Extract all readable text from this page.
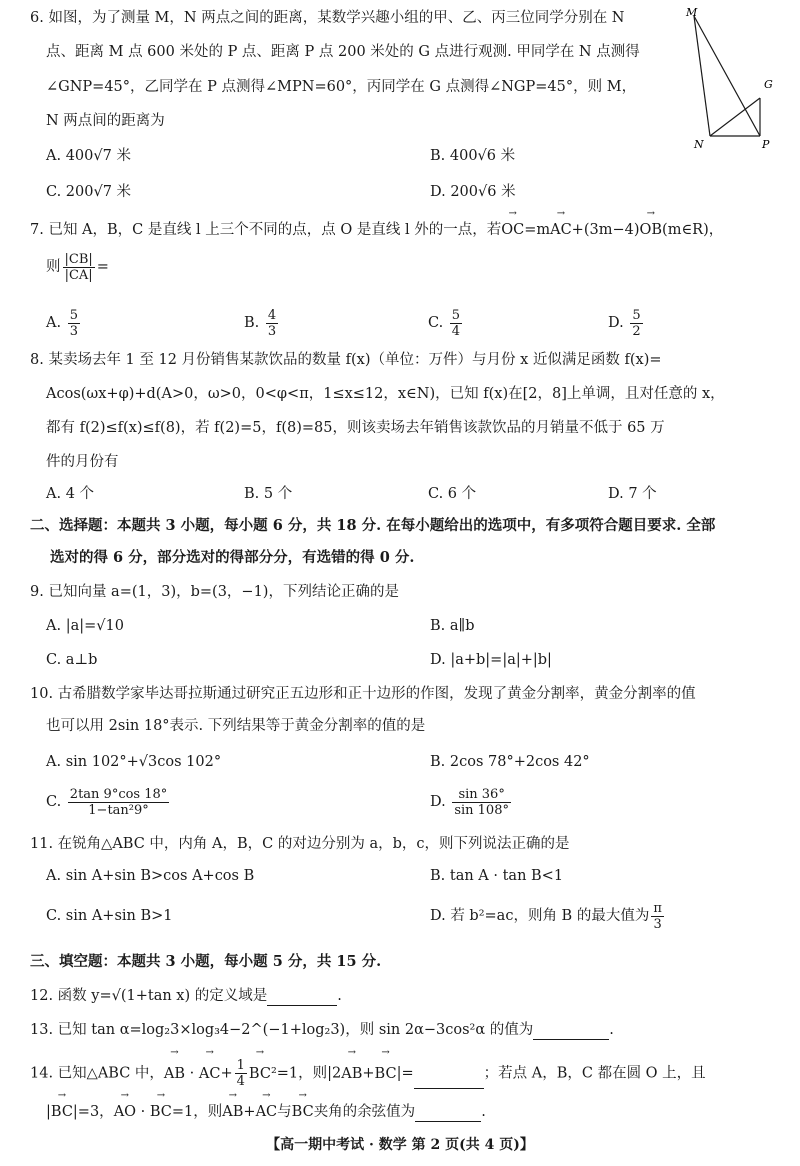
6. 如图，为了测量 M，N 两点之间的距离，某数学兴趣小组的甲、乙、丙三位同学分别在 N
点、距离 M 点 600 米处的 P 点、距离 P 点 200 米处的 G 点进行观测. 甲同学在 N 点测得
∠GNP=45°，乙同学在 P 点测得∠MPN=60°，丙同学在 G 点测得∠NGP=45°，则 M，
N 两点间的距离为
A. 400√7 米	B. 400√6 米
C. 200√7 米	D. 200√6 米
M
G
N	P
7. 已知 A，B，C 是直线 l 上三个不同的点，点 O 是直线 l 外的一点，若→ OC=m→ AC+(3m−4)→ OB(m∈R)，
则 $\frac{|CB|}{|CA|}$ =
A. $\frac{5}{3}$	B. $\frac{4}{3}$	C. $\frac{5}{4}$	D. $\frac{5}{2}$
8. 某卖场去年 1 至 12 月份销售某款饮品的数量 f(x)（单位：万件）与月份 x 近似满足函数 f(x)=
Acos(ωx+φ)+d(A>0，ω>0，0<φ<π，1≤x≤12，x∈N)，已知 f(x)在[2，8]上单调，且对任意的 x，
都有 f(2)≤f(x)≤f(8)，若 f(2)=5，f(8)=85，则该卖场去年销售该款饮品的月销量不低于 65 万
件的月份有
A. 4 个	B. 5 个	C. 6 个	D. 7 个
二、选择题：本题共 3 小题，每小题 6 分，共 18 分. 在每小题给出的选项中，有多项符合题目要求. 全部
选对的得 6 分，部分选对的得部分分，有选错的得 0 分.
9. 已知向量 a=(1，3)，b=(3，−1)，下列结论正确的是
A. |a|=√10	B. a∥b
C. a⊥b	D. |a+b|=|a|+|b|
10. 古希腊数学家毕达哥拉斯通过研究正五边形和正十边形的作图，发现了黄金分割率，黄金分割率的值
也可以用 2sin 18°表示. 下列结果等于黄金分割率的值的是
A. sin 102°+√3cos 102°	B. 2cos 78°+2cos 42°
C. $\frac{2\tan 9^\circ\cos 18^\circ}{\text{1−tan²9°}}$	D. $\frac{\sin 36^\circ}{\sin 108^\circ}$
11. 在锐角△ABC 中，内角 A，B，C 的对边分别为 a，b，c，则下列说法正确的是
A. sin A+sin B>cos A+cos B	B. tan A · tan B<1
C. sin A+sin B>1	D. 若 b²=ac，则角 B 的最大值为 $\frac{\pi}{3}$
三、填空题：本题共 3 小题，每小题 5 分，共 15 分.
12. 函数 y=√(1+tan x) 的定义域是	.
13. 已知 tan α=log₂3×log₃4−2^(−1+log₂3)，则 sin 2α−3cos²α 的值为	.
14. 已知△ABC 中，→ AB · → $AC+ \frac{1}{4}$
→ BC²=1，则|2→ AB+→ BC|=	；若点 A，B，C 都在圆 O 上，且
|→ BC|=3，→ AO · → BC=1，则→ AB+→ AC与→ BC夹角的余弦值为	.
【高一期中考试 · 数学 第 2 页(共 4 页)】
